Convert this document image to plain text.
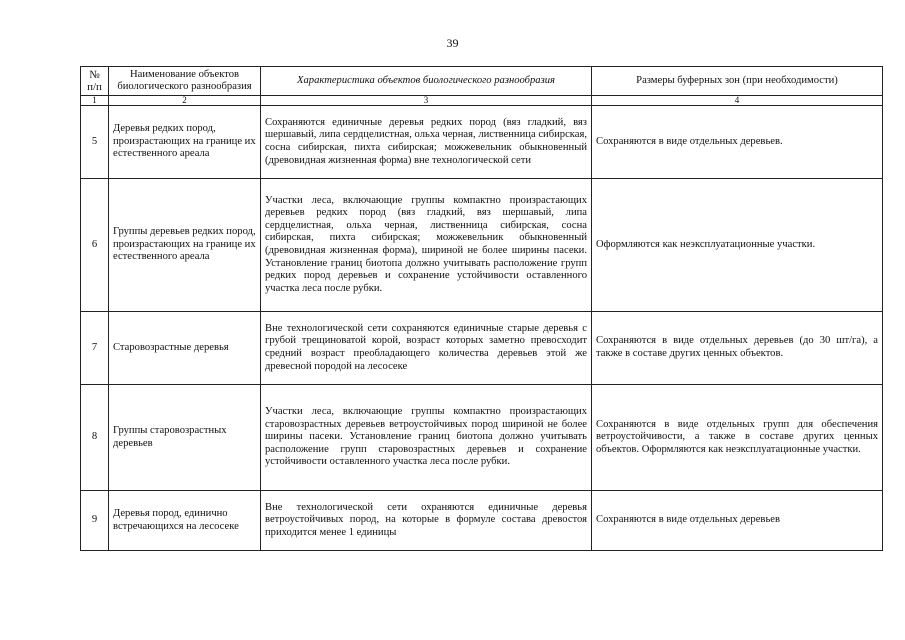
39
№ п/п	Наименование объектов биологического разнообразия	Характеристика объектов биологического разнообразия	Размеры буферных зон (при необходимости)
1	2	3	4
5	Деревья редких пород, произрастающих на границе их естественного ареала	Сохраняются единичные деревья редких пород (вяз гладкий, вяз шершавый, липа сердцелистная, ольха черная, лиственница сибирская, сосна сибирская, пихта сибирская; можжевельник обыкновенный (древовидная жизненная форма) вне технологической сети	Сохраняются в виде отдельных деревьев.
6	Группы деревьев редких пород, произрастающих на границе их естественного ареала	Участки леса, включающие группы компактно произрастающих деревьев редких пород (вяз гладкий, вяз шершавый, липа сердцелистная, ольха черная, лиственница сибирская, сосна сибирская, пихта сибирская; можжевельник обыкновенный (древовидная жизненная форма), шириной не более ширины пасеки. Установление границ биотопа должно учитывать расположение групп редких пород деревьев и сохранение устойчивости оставленного участка леса после рубки.	Оформляются как неэксплуатационные участки.
7	Старовозрастные деревья	Вне технологической сети сохраняются единичные старые деревья с грубой трещиноватой корой, возраст которых заметно превосходит средний возраст преобладающего количества деревьев этой же древесной породой на лесосеке	Сохраняются в виде отдельных деревьев (до 30 шт/га), а также в составе других ценных объектов.
8	Группы старовозрастных деревьев	Участки леса, включающие группы компактно произрастающих старовозрастных деревьев ветроустойчивых пород шириной не более ширины пасеки. Установление границ биотопа должно учитывать расположение групп старовозрастных деревьев и сохранение устойчивости оставленного участка леса после рубки.	Сохраняются в виде отдельных групп для обеспечения ветроустойчивости, а также в составе других ценных объектов. Оформляются как неэксплуатационные участки.
9	Деревья пород, единично встречающихся на лесосеке	Вне технологической сети охраняются единичные деревья ветроустойчивых пород, на которые в формуле состава древостоя приходится менее 1 единицы	Сохраняются в виде отдельных деревьев
